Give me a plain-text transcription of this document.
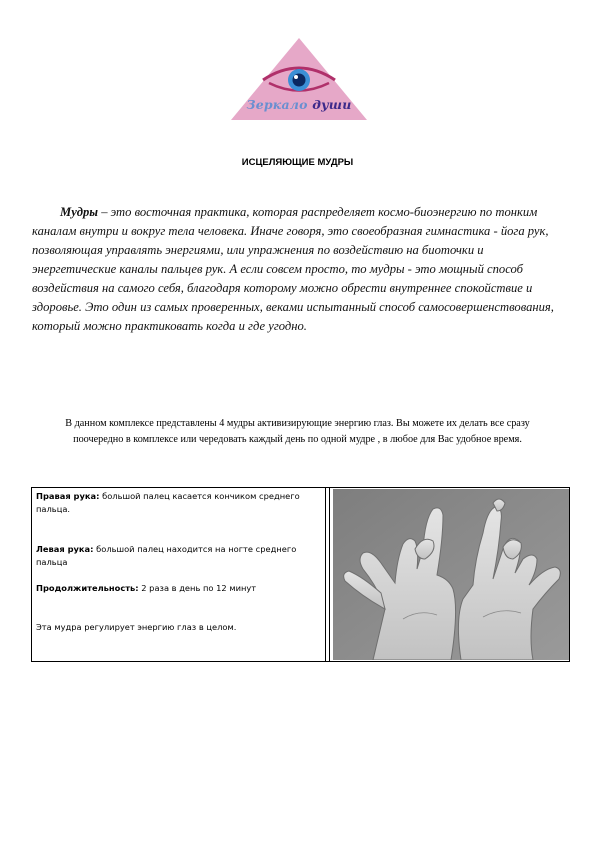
Зеркало души
ИСЦЕЛЯЮЩИЕ МУДРЫ

Мудры – это восточная практика, которая распределяет космо-биоэнергию по тонким каналам внутри и вокруг тела человека. Иначе говоря, это своеобразная гимнастика - йога рук, позволяющая управлять энергиями, или упражнения по воздействию на биоточки и энергетические каналы пальцев рук. А если совсем просто, то мудры - это мощный способ воздействия на самого себя, благодаря которому можно обрести внутреннее спокойствие и здоровье. Это один из самых проверенных, веками испытанный способ самосовершенствования, который можно практиковать когда и где угодно.

В данном комплексе представлены 4 мудры активизирующие энергию глаз. Вы можете их делать все сразу поочередно в комплексе или чередовать каждый день по одной мудре , в любое для Вас удобное время.

Правая рука: большой палец касается кончиком среднего пальца.

Левая рука: большой палец находится на ногте среднего пальца

Продолжительность: 2 раза в день по 12 минут

Эта мудра регулирует энергию глаз в целом.
